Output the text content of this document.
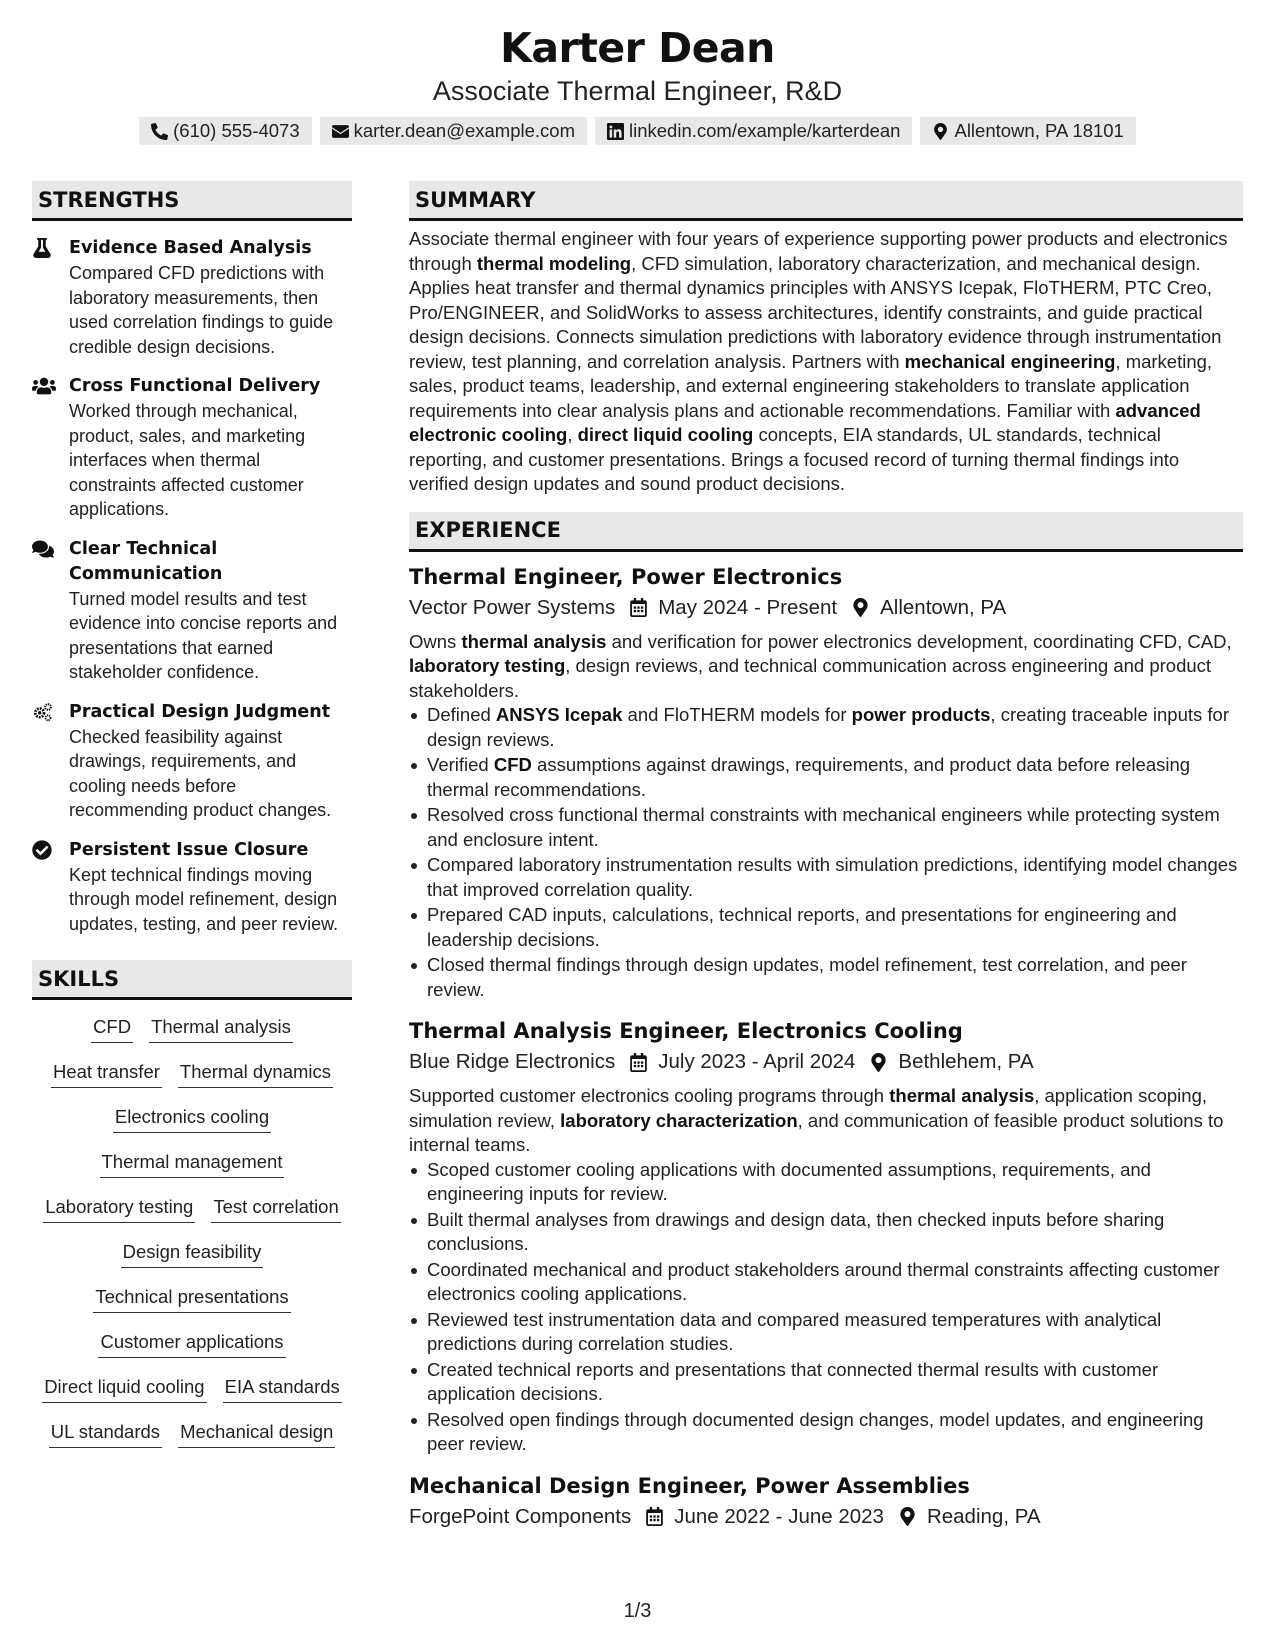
Karter Dean
Associate Thermal Engineer, R&D
(610) 555-4073	karter.dean@example.com	linkedin.com/example/karterdean	Allentown, PA 18101
STRENGTHS
Evidence Based Analysis
Compared CFD predictions with laboratory measurements, then used correlation findings to guide credible design decisions.
Cross Functional Delivery
Worked through mechanical, product, sales, and marketing interfaces when thermal constraints affected customer applications.
Clear Technical Communication
Turned model results and test evidence into concise reports and presentations that earned stakeholder confidence.
Practical Design Judgment
Checked feasibility against drawings, requirements, and cooling needs before recommending product changes.
Persistent Issue Closure
Kept technical findings moving through model refinement, design updates, testing, and peer review.
SKILLS
CFD Thermal analysis
Heat transfer Thermal dynamics
Electronics cooling
Thermal management
Laboratory testing Test correlation
Design feasibility
Technical presentations
Customer applications
Direct liquid cooling EIA standards
UL standards Mechanical design
SUMMARY
Associate thermal engineer with four years of experience supporting power products and electronics through thermal modeling, CFD simulation, laboratory characterization, and mechanical design. Applies heat transfer and thermal dynamics principles with ANSYS Icepak, FloTHERM, PTC Creo, Pro/ENGINEER, and SolidWorks to assess architectures, identify constraints, and guide practical design decisions. Connects simulation predictions with laboratory evidence through instrumentation review, test planning, and correlation analysis. Partners with mechanical engineering, marketing, sales, product teams, leadership, and external engineering stakeholders to translate application requirements into clear analysis plans and actionable recommendations. Familiar with advanced electronic cooling, direct liquid cooling concepts, EIA standards, UL standards, technical reporting, and customer presentations. Brings a focused record of turning thermal findings into verified design updates and sound product decisions.
EXPERIENCE
Thermal Engineer, Power Electronics
Vector Power Systems May 2024 - Present Allentown, PA
Owns thermal analysis and verification for power electronics development, coordinating CFD, CAD, laboratory testing, design reviews, and technical communication across engineering and product stakeholders.
Defined ANSYS Icepak and FloTHERM models for power products, creating traceable inputs for design reviews.
Verified CFD assumptions against drawings, requirements, and product data before releasing thermal recommendations.
Resolved cross functional thermal constraints with mechanical engineers while protecting system and enclosure intent.
Compared laboratory instrumentation results with simulation predictions, identifying model changes that improved correlation quality.
Prepared CAD inputs, calculations, technical reports, and presentations for engineering and leadership decisions.
Closed thermal findings through design updates, model refinement, test correlation, and peer review.
Thermal Analysis Engineer, Electronics Cooling
Blue Ridge Electronics July 2023 - April 2024 Bethlehem, PA
Supported customer electronics cooling programs through thermal analysis, application scoping, simulation review, laboratory characterization, and communication of feasible product solutions to internal teams.
Scoped customer cooling applications with documented assumptions, requirements, and engineering inputs for review.
Built thermal analyses from drawings and design data, then checked inputs before sharing conclusions.
Coordinated mechanical and product stakeholders around thermal constraints affecting customer electronics cooling applications.
Reviewed test instrumentation data and compared measured temperatures with analytical predictions during correlation studies.
Created technical reports and presentations that connected thermal results with customer application decisions.
Resolved open findings through documented design changes, model updates, and engineering peer review.
Mechanical Design Engineer, Power Assemblies
ForgePoint Components June 2022 - June 2023 Reading, PA
1/3
